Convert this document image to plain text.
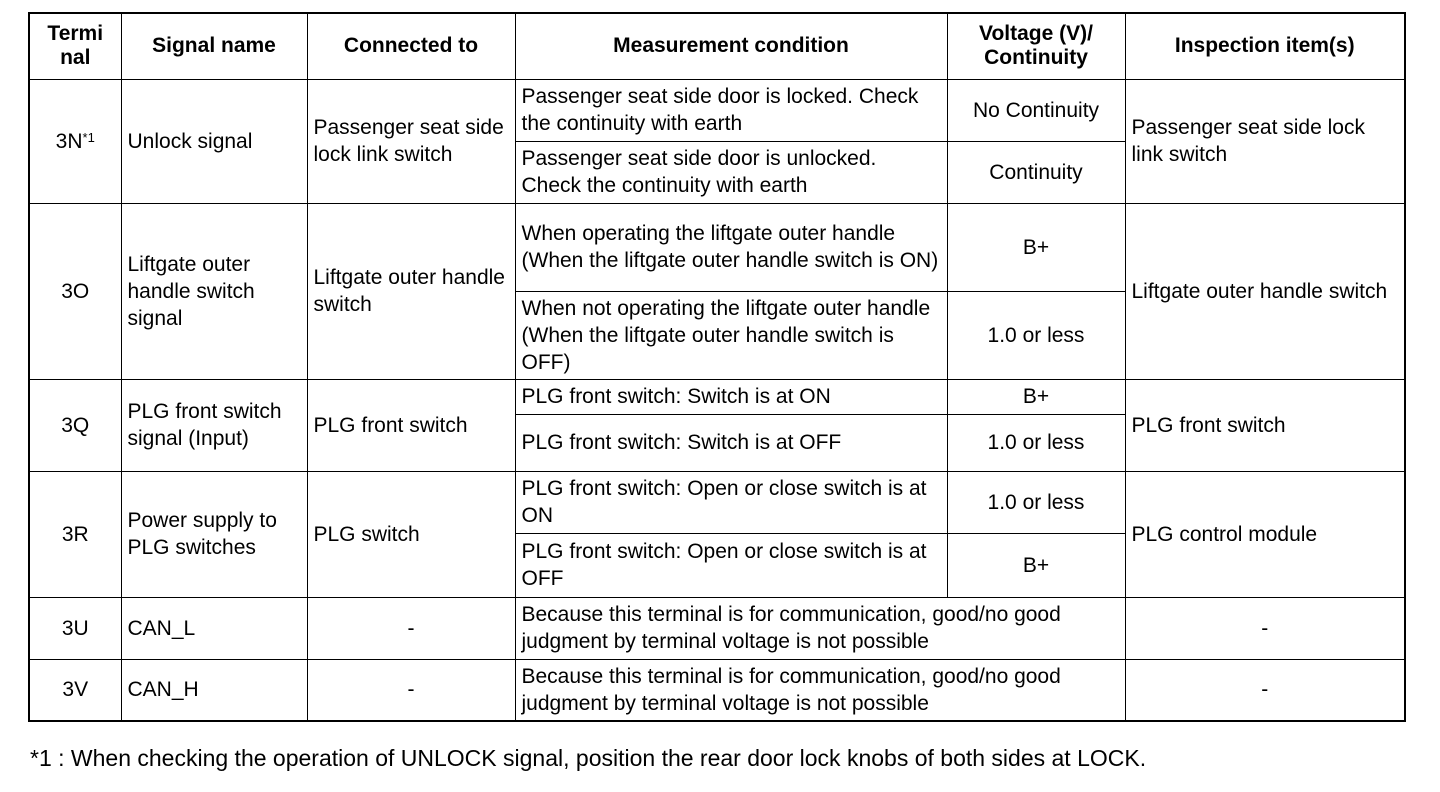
Termi nal	Signal name	Connected to	Measurement condition	Voltage (V)/ Continuity	Inspection item(s)
$3N^{*1}$	Unlock signal	Passenger seat side lock link switch	Passenger seat side door is locked. Check the continuity with earth	No Continuity	Passenger seat side lock link switch
			Passenger seat side door is unlocked. Check the continuity with earth	Continuity	
3O	Liftgate outer handle switch signal	Liftgate outer handle switch	When operating the liftgate outer handle (When the liftgate outer handle switch is ON)	B+	Liftgate outer handle switch
			When not operating the liftgate outer handle (When the liftgate outer handle switch is OFF)	1.0 or less	
3Q	PLG front switch signal (Input)	PLG front switch	PLG front switch: Switch is at ON	B+	PLG front switch
			PLG front switch: Switch is at OFF	1.0 or less	
3R	Power supply to PLG switches	PLG switch	PLG front switch: Open or close switch is at ON	1.0 or less	PLG control module
			PLG front switch: Open or close switch is at OFF	B+	
3U	CAN_L	-	Because this terminal is for communication, good/no good judgment by terminal voltage is not possible		-
3V	CAN_H	-	Because this terminal is for communication, good/no good judgment by terminal voltage is not possible		-
*1 : When checking the operation of UNLOCK signal, position the rear door lock knobs of both sides at LOCK.
